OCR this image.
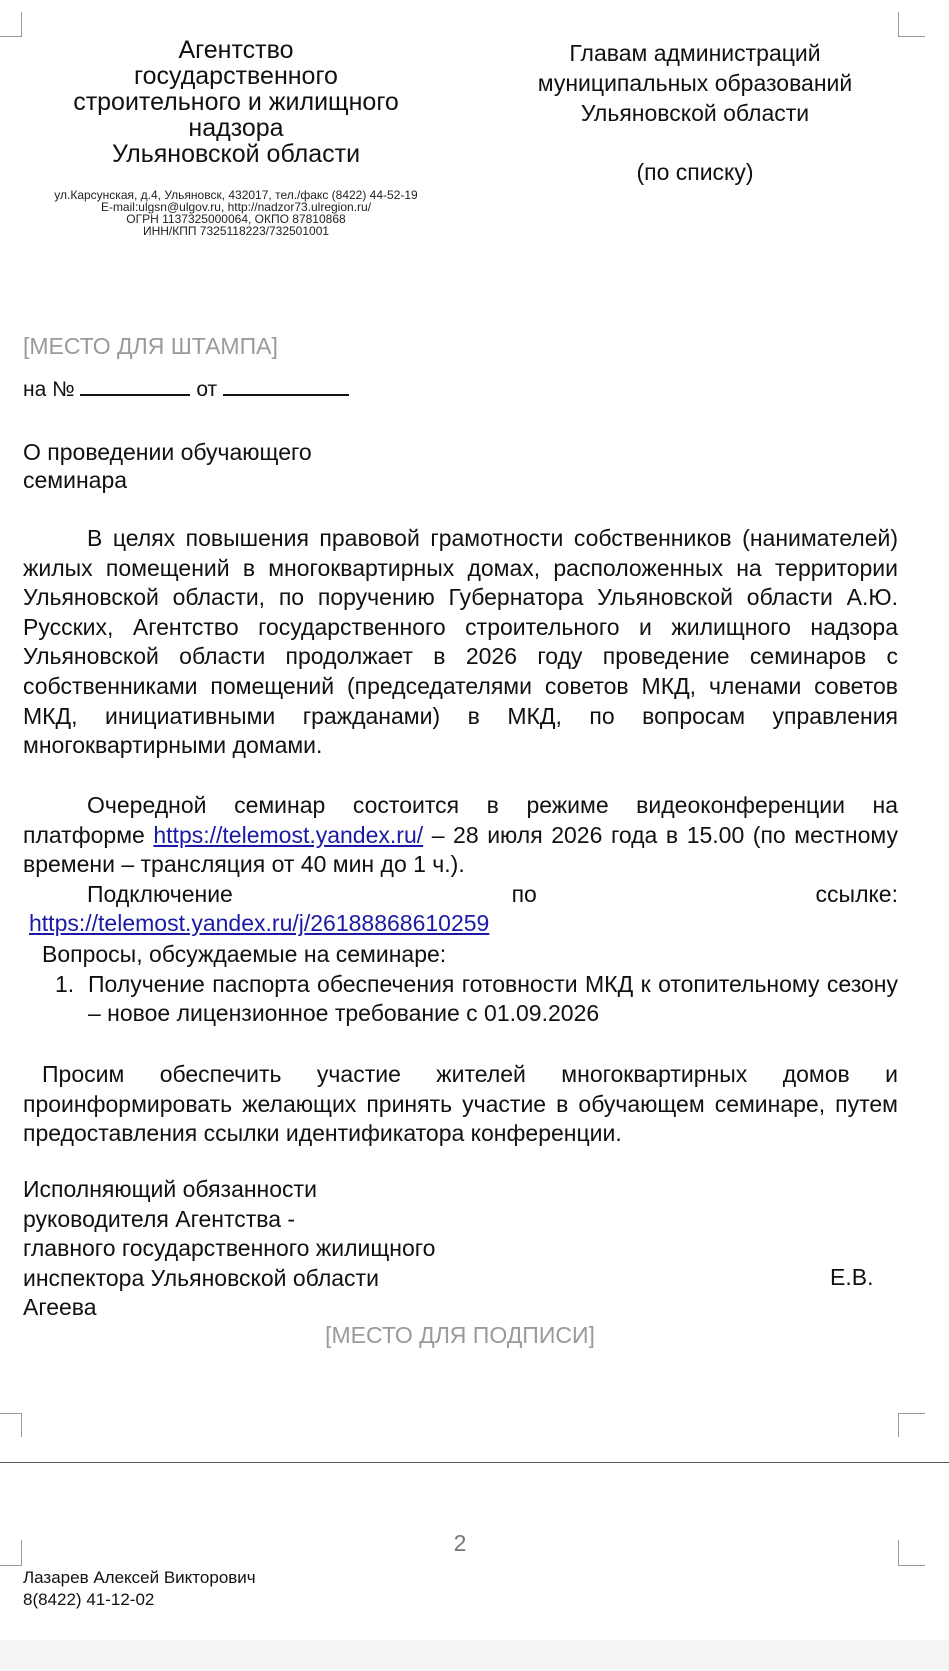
Агентство
государственного
строительного и жилищного
надзора
Ульяновской области
ул.Карсунская, д.4, Ульяновск, 432017, тел./факс (8422) 44-52-19
E-mail:ulgsn@ulgov.ru, http://nadzor73.ulregion.ru/
ОГРН 1137325000064, ОКПО 87810868
ИНН/КПП 7325118223/732501001
Главам администраций
муниципальных образований
Ульяновской области
(по списку)
[МЕСТО ДЛЯ ШТАМПА]
на №	от
О проведении обучающего
семинара
В целях повышения правовой грамотности собственников (нанимателей) жилых помещений в многоквартирных домах, расположенных на территории Ульяновской области, по поручению Губернатора Ульяновской области А.Ю. Русских, Агентство государственного строительного и жилищного надзора Ульяновской области продолжает в 2026 году проведение семинаров с собственниками помещений (председателями советов МКД, членами советов МКД, инициативными гражданами) в МКД, по вопросам управления многоквартирными домами.
Очередной семинар состоится в режиме видеоконференции на платформе https://telemost.yandex.ru/ – 28 июля 2026 года в 15.00 (по местному времени – трансляция от 40 мин до 1 ч.).
Подключение	по	ссылке:
https://telemost.yandex.ru/j/26188868610259
Вопросы, обсуждаемые на семинаре:
1. Получение паспорта обеспечения готовности МКД к отопительному сезону – новое лицензионное требование с 01.09.2026
Просим обеспечить участие жителей многоквартирных домов и проинформировать желающих принять участие в обучающем семинаре, путем предоставления ссылки идентификатора конференции.
Исполняющий обязанности
руководителя Агентства -
главного государственного жилищного
инспектора Ульяновской области	Е.В.
Агеева
[МЕСТО ДЛЯ ПОДПИСИ]
2
Лазарев Алексей Викторович
8(8422) 41-12-02
